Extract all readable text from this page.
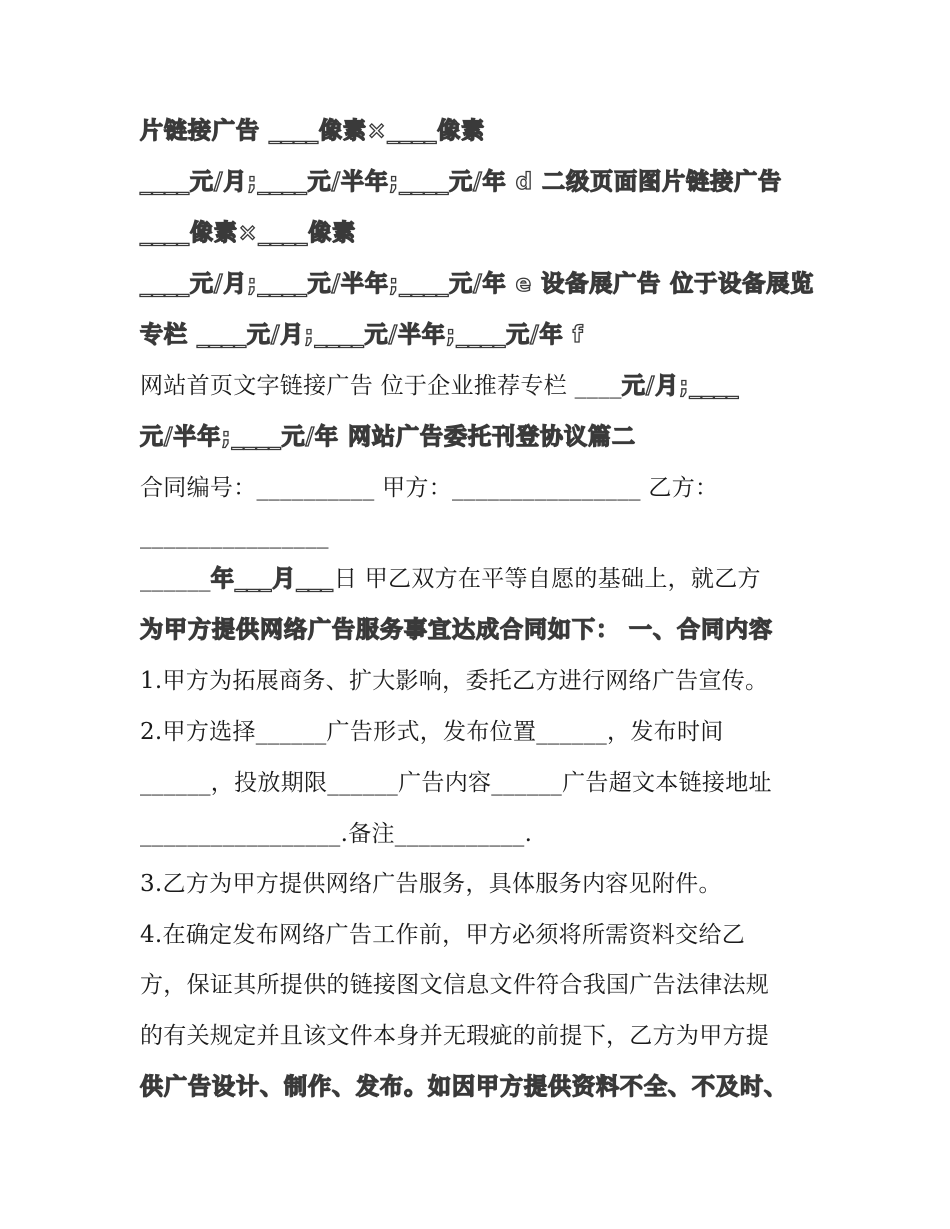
片链接广告 ____像素×____像素
____元/月;____元/半年;____元/年 d 二级页面图片链接广告
____像素×____像素
____元/月;____元/半年;____元/年 e 设备展广告 位于设备展览
专栏 ____元/月;____元/半年;____元/年 f
网站首页文字链接广告 位于企业推荐专栏 ____元/月;____
元/半年;____元/年 网站广告委托刊登协议篇二
合同编号：__________ 甲方：________________ 乙方：
________________
______年___月___日 甲乙双方在平等自愿的基础上，就乙方
为甲方提供网络广告服务事宜达成合同如下： 一、合同内容
1.甲方为拓展商务、扩大影响，委托乙方进行网络广告宣传。
2.甲方选择______广告形式，发布位置______，发布时间
______，投放期限______广告内容______广告超文本链接地址
_________________.备注___________.
3.乙方为甲方提供网络广告服务，具体服务内容见附件。
4.在确定发布网络广告工作前，甲方必须将所需资料交给乙
方，保证其所提供的链接图文信息文件符合我国广告法律法规
的有关规定并且该文件本身并无瑕疵的前提下，乙方为甲方提
供广告设计、制作、发布。如因甲方提供资料不全、不及时、
